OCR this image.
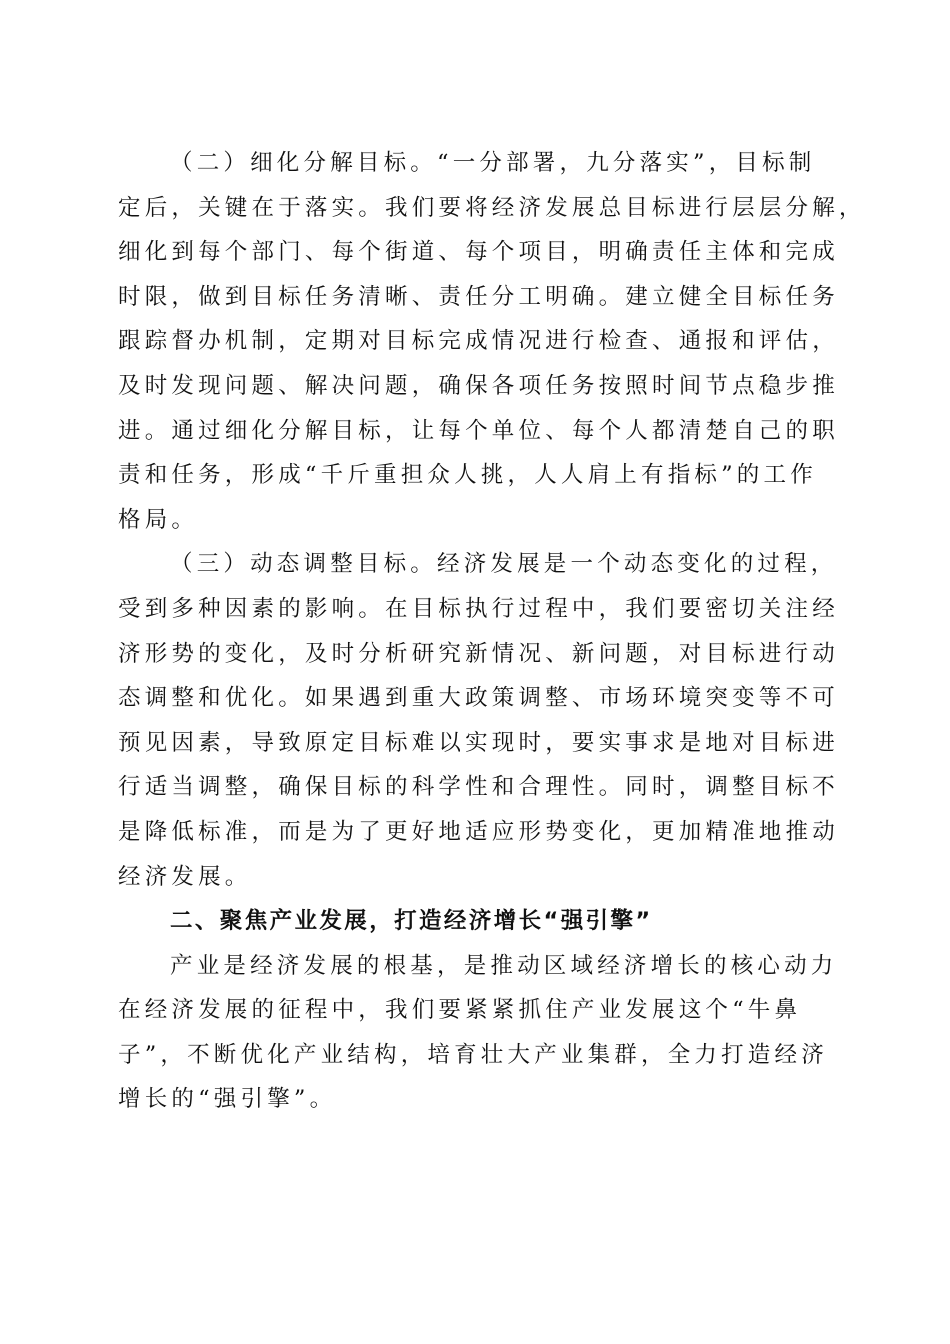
（二）细化分解目标。“一分部署，九分落实”，目标制
定后，关键在于落实。我们要将经济发展总目标进行层层分解，
细化到每个部门、每个街道、每个项目，明确责任主体和完成
时限，做到目标任务清晰、责任分工明确。建立健全目标任务
跟踪督办机制，定期对目标完成情况进行检查、通报和评估，
及时发现问题、解决问题，确保各项任务按照时间节点稳步推
进。通过细化分解目标，让每个单位、每个人都清楚自己的职
责和任务，形成“千斤重担众人挑，人人肩上有指标”的工作
格局。
（三）动态调整目标。经济发展是一个动态变化的过程，
受到多种因素的影响。在目标执行过程中，我们要密切关注经
济形势的变化，及时分析研究新情况、新问题，对目标进行动
态调整和优化。如果遇到重大政策调整、市场环境突变等不可
预见因素，导致原定目标难以实现时，要实事求是地对目标进
行适当调整，确保目标的科学性和合理性。同时，调整目标不
是降低标准，而是为了更好地适应形势变化，更加精准地推动
经济发展。
二、聚焦产业发展，打造经济增长“强引擎”
产业是经济发展的根基，是推动区域经济增长的核心动力
在经济发展的征程中，我们要紧紧抓住产业发展这个“牛鼻
子”，不断优化产业结构，培育壮大产业集群，全力打造经济
增长的“强引擎”。
